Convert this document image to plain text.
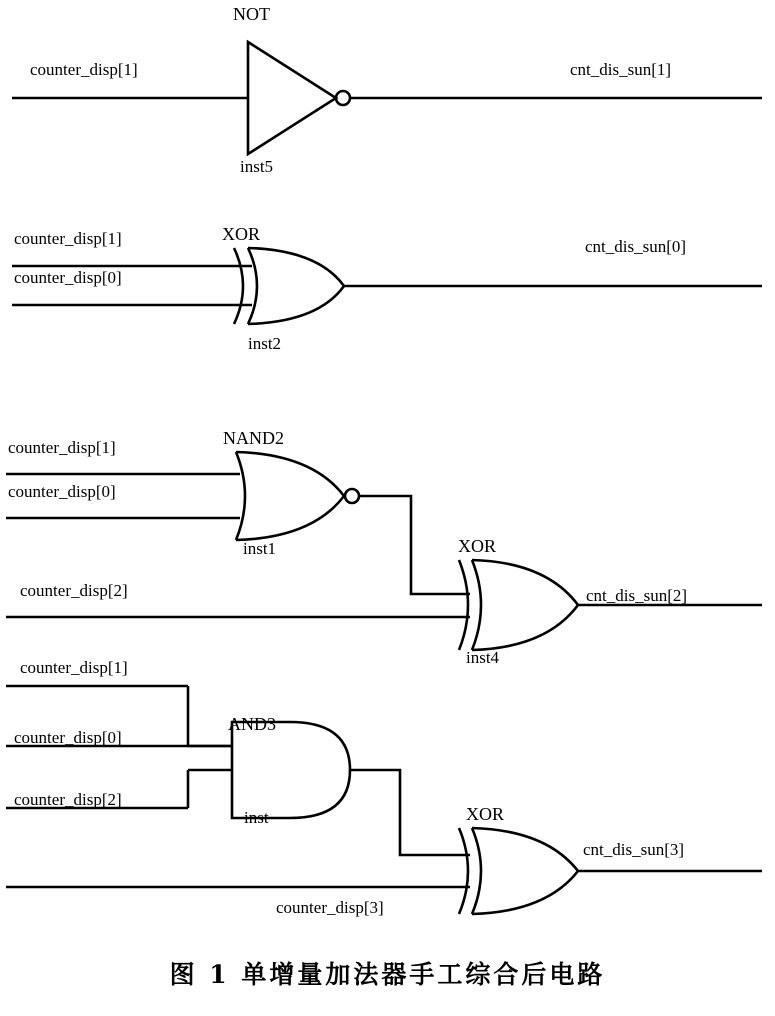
NOT
counter_disp[1]	cnt_dis_sun[1]
inst5
XOR
counter_disp[1]
counter_disp[0]
cnt_dis_sun[0]
inst2
NAND2
counter_disp[1]
counter_disp[0]
inst1	XOR
counter_disp[2]	cnt_dis_sun[2]
inst4
AND3
counter_disp[1]
counter_disp[0]
counter_disp[2]
inst	XOR
counter_disp[3]
cnt_dis_sun[3]
图 1 单增量加法器手工综合后电路
